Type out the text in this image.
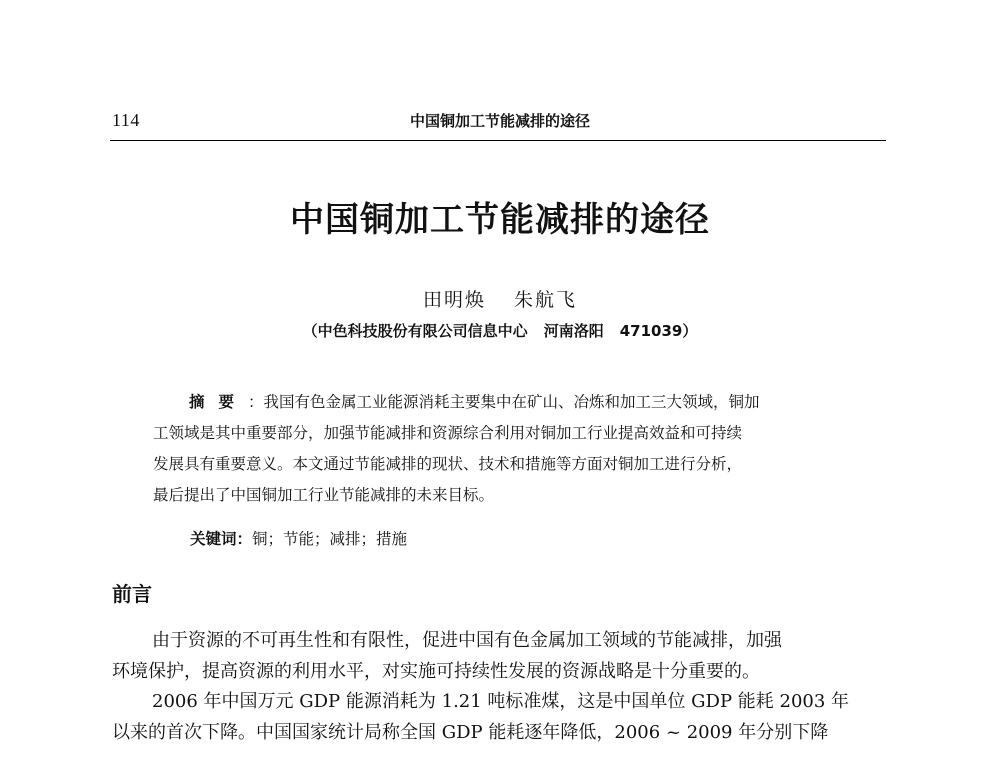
114	中国铜加工节能减排的途径
中国铜加工节能减排的途径
田明焕 朱航飞
（中色科技股份有限公司信息中心 河南洛阳 471039）
摘要：我国有色金属工业能源消耗主要集中在矿山、冶炼和加工三大领域，铜加
工领域是其中重要部分，加强节能减排和资源综合利用对铜加工行业提高效益和可持续
发展具有重要意义。本文通过节能减排的现状、技术和措施等方面对铜加工进行分析，
最后提出了中国铜加工行业节能减排的未来目标。
关键词：铜；节能；减排；措施
前言
由于资源的不可再生性和有限性，促进中国有色金属加工领域的节能减排，加强
环境保护，提高资源的利用水平，对实施可持续性发展的资源战略是十分重要的。
2006 年中国万元 GDP 能源消耗为 1.21 吨标准煤，这是中国单位 GDP 能耗 2003 年
以来的首次下降。中国国家统计局称全国 GDP 能耗逐年降低，2006 ~ 2009 年分别下降
